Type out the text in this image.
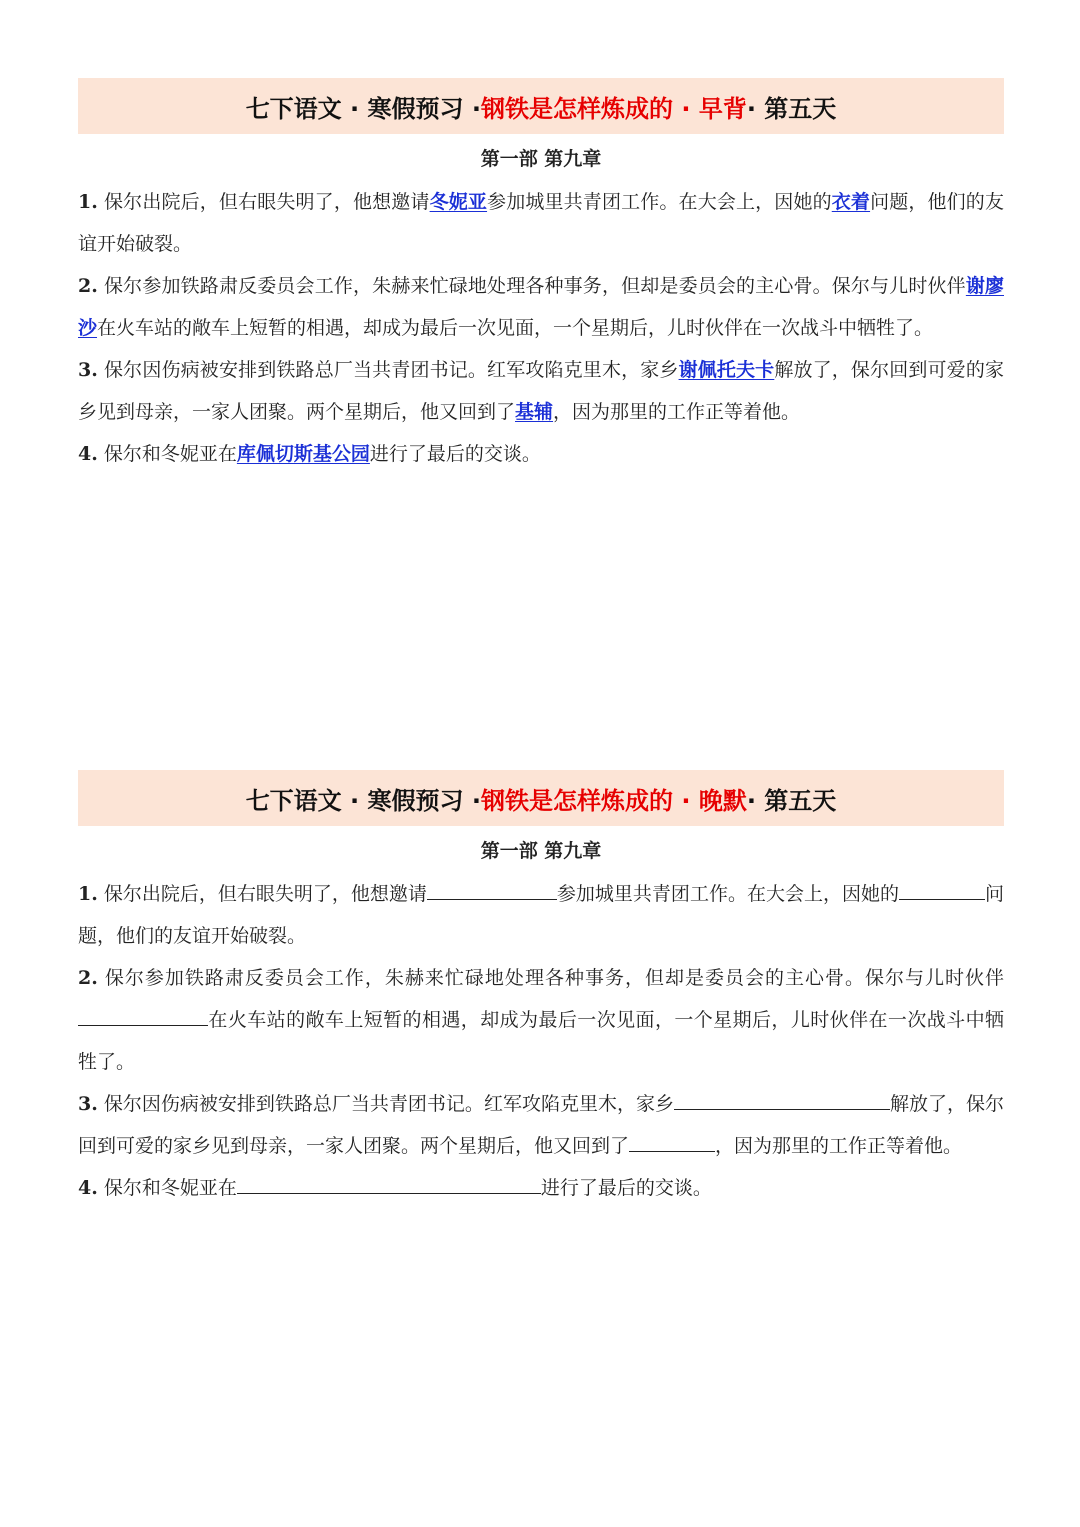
七下语文 · 寒假预习 · 钢铁是怎样炼成的 · 早背 · 第五天
第一部 第九章
1. 保尔出院后，但右眼失明了，他想邀请冬妮亚参加城里共青团工作。在大会上，因她的衣着问题，他们的友谊开始破裂。
2. 保尔参加铁路肃反委员会工作，朱赫来忙碌地处理各种事务，但却是委员会的主心骨。保尔与儿时伙伴谢廖沙在火车站的敞车上短暂的相遇，却成为最后一次见面，一个星期后，儿时伙伴在一次战斗中牺牲了。
3. 保尔因伤病被安排到铁路总厂当共青团书记。红军攻陷克里木，家乡谢佩托夫卡解放了，保尔回到可爱的家乡见到母亲，一家人团聚。两个星期后，他又回到了基辅，因为那里的工作正等着他。
4. 保尔和冬妮亚在库佩切斯基公园进行了最后的交谈。
七下语文 · 寒假预习 · 钢铁是怎样炼成的 · 晚默 · 第五天
第一部 第九章
1. 保尔出院后，但右眼失明了，他想邀请	参加城里共青团工作。在大会上，因她的	问题，他们的友谊开始破裂。
2. 保尔参加铁路肃反委员会工作，朱赫来忙碌地处理各种事务，但却是委员会的主心骨。保尔与儿时伙伴在火车站的敞车上短暂的相遇，却成为最后一次见面，一个星期后，儿时伙伴在一次战斗中牺牲了。
3. 保尔因伤病被安排到铁路总厂当共青团书记。红军攻陷克里木，家乡	解放了，保尔回到可爱的家乡见到母亲，一家人团聚。两个星期后，他又回到了	，因为那里的工作正等着他。
4. 保尔和冬妮亚在	进行了最后的交谈。
